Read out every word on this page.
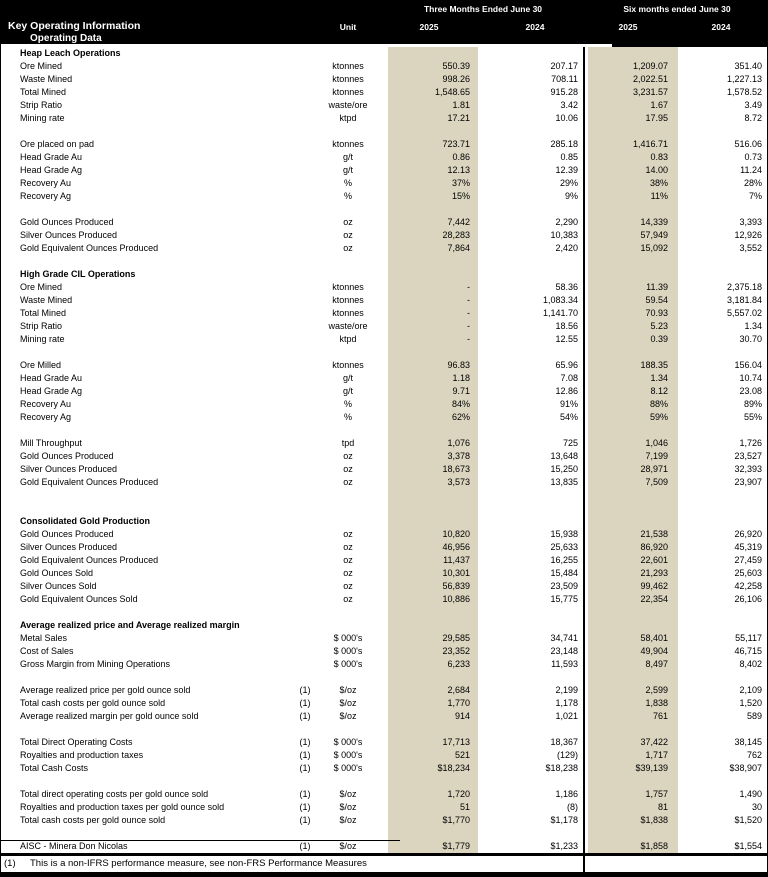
Three Months Ended June 30	Six months ended June 30
Key Operating Information	Unit	2025	2024	2025	2024
Operating Data
Heap Leach Operations
Ore Mined	ktonnes	550.39	207.17	1,209.07	351.40
Waste Mined	ktonnes	998.26	708.11	2,022.51	1,227.13
Total Mined	ktonnes	1,548.65	915.28	3,231.57	1,578.52
Strip Ratio	waste/ore	1.81	3.42	1.67	3.49
Mining rate	ktpd	17.21	10.06	17.95	8.72
Ore placed on pad	ktonnes	723.71	285.18	1,416.71	516.06
Head Grade Au	g/t	0.86	0.85	0.83	0.73
Head Grade Ag	g/t	12.13	12.39	14.00	11.24
Recovery Au	%	37%	29%	38%	28%
Recovery Ag	%	15%	9%	11%	7%
Gold Ounces Produced	oz	7,442	2,290	14,339	3,393
Silver Ounces Produced	oz	28,283	10,383	57,949	12,926
Gold Equivalent Ounces Produced	oz	7,864	2,420	15,092	3,552
High Grade CIL Operations
Ore Mined	ktonnes	-	58.36	11.39	2,375.18
Waste Mined	ktonnes	-	1,083.34	59.54	3,181.84
Total Mined	ktonnes	-	1,141.70	70.93	5,557.02
Strip Ratio	waste/ore	-	18.56	5.23	1.34
Mining rate	ktpd	-	12.55	0.39	30.70
Ore Milled	ktonnes	96.83	65.96	188.35	156.04
Head Grade Au	g/t	1.18	7.08	1.34	10.74
Head Grade Ag	g/t	9.71	12.86	8.12	23.08
Recovery Au	%	84%	91%	88%	89%
Recovery Ag	%	62%	54%	59%	55%
Mill Throughput	tpd	1,076	725	1,046	1,726
Gold Ounces Produced	oz	3,378	13,648	7,199	23,527
Silver Ounces Produced	oz	18,673	15,250	28,971	32,393
Gold Equivalent Ounces Produced	oz	3,573	13,835	7,509	23,907
Consolidated Gold Production
Gold Ounces Produced	oz	10,820	15,938	21,538	26,920
Silver Ounces Produced	oz	46,956	25,633	86,920	45,319
Gold Equivalent Ounces Produced	oz	11,437	16,255	22,601	27,459
Gold Ounces Sold	oz	10,301	15,484	21,293	25,603
Silver Ounces Sold	oz	56,839	23,509	99,462	42,258
Gold Equivalent Ounces Sold	oz	10,886	15,775	22,354	26,106
Average realized price and Average realized margin
Metal Sales	$ 000's	29,585	34,741	58,401	55,117
Cost of Sales	$ 000's	23,352	23,148	49,904	46,715
Gross Margin from Mining Operations	$ 000's	6,233	11,593	8,497	8,402
Average realized price per gold ounce sold	(1)	$/oz	2,684	2,199	2,599	2,109
Total cash costs per gold ounce sold	(1)	$/oz	1,770	1,178	1,838	1,520
Average realized margin per gold ounce sold	(1)	$/oz	914	1,021	761	589
Total Direct Operating Costs	(1)	$ 000's	17,713	18,367	37,422	38,145
Royalties and production taxes	(1)	$ 000's	521	(129)	1,717	762
Total Cash Costs	(1)	$ 000's	$18,234	$18,238	$39,139	$38,907
Total direct operating costs per gold ounce sold	(1)	$/oz	1,720	1,186	1,757	1,490
Royalties and production taxes per gold ounce sold	(1)	$/oz	51	(8)	81	30
Total cash costs per gold ounce sold	(1)	$/oz	$1,770	$1,178	$1,838	$1,520
AISC - Minera Don Nicolas	(1)	$/oz	$1,779	$1,233	$1,858	$1,554
(1) This is a non-IFRS performance measure, see non-FRS Performance Measures
